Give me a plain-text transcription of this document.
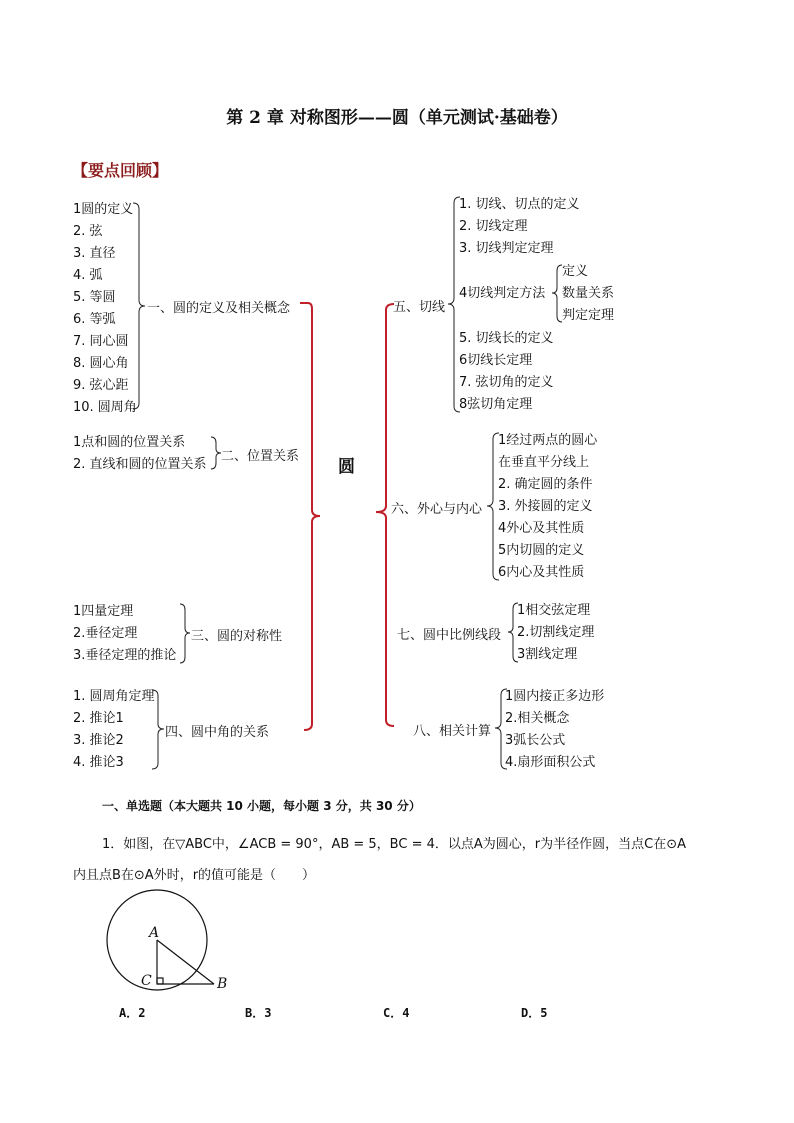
第 2 章 对称图形——圆（单元测试·基础卷）
【要点回顾】
圆
1圆的定义
2. 弦
3. 直径
4. 弧
5. 等圆
6. 等弧
7. 同心圆
8. 圆心角
9. 弦心距
10. 圆周角
一、圆的定义及相关概念
1点和圆的位置关系
2. 直线和圆的位置关系
二、位置关系
1四量定理
2.垂径定理
3.垂径定理的推论
三、圆的对称性
1. 圆周角定理
2. 推论1
3. 推论2
4. 推论3
四、圆中角的关系
五、切线
1. 切线、切点的定义
2. 切线定理
3. 切线判定定理
4切线判定方法
5. 切线长的定义
6切线长定理
7. 弦切角的定义
8弦切角定理
定义
数量关系
判定定理
六、外心与内心
1经过两点的圆心
在垂直平分线上
2. 确定圆的条件
3. 外接圆的定义
4外心及其性质
5内切圆的定义
6内心及其性质
七、圆中比例线段
1相交弦定理
2.切割线定理
3割线定理
八、相关计算
1圆内接正多边形
2.相关概念
3弧长公式
4.扇形面积公式
一、单选题（本大题共 10 小题，每小题 3 分，共 30 分）
1．如图，在▽ABC中，∠ACB = 90°，AB = 5，BC = 4．以点A为圆心，r为半径作圆，当点C在⊙A
内且点B在⊙A外时，r的值可能是（　　）
A
B
C
A．2	B．3	C．4	D．5
